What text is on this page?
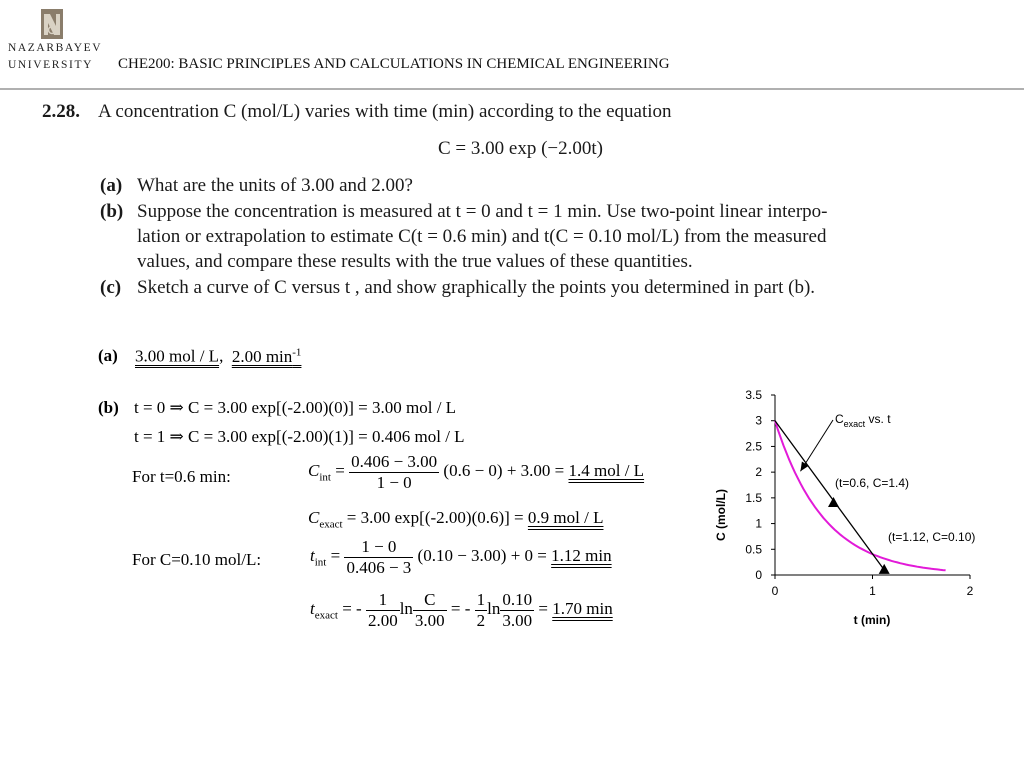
NAZARBAYEV
UNIVERSITY CHE200: BASIC PRINCIPLES AND CALCULATIONS IN CHEMICAL ENGINEERING
2.28. A concentration C (mol/L) varies with time (min) according to the equation
C = 3.00 exp (−2.00t)
(a) What are the units of 3.00 and 2.00?
(b) Suppose the concentration is measured at t = 0 and t = 1 min. Use two-point linear interpo-
lation or extrapolation to estimate C(t = 0.6 min) and t(C = 0.10 mol/L) from the measured
values, and compare these results with the true values of these quantities.
(c) Sketch a curve of C versus t , and show graphically the points you determined in part (b).
(a) 3.00 mol / L, 2.00 $\min^{-1}$
(b) t = 0 ⇒ C = 3.00 exp[(-2.00)(0)] = 3.00 mol / L
t = 1 ⇒ C = 3.00 exp[(-2.00)(1)] = 0.406 mol / L
For t=0.6 min:	$C_{int} = \frac{0.406 - 3.00}{1 - 0} (0.6 - 0) + 3.00 = 1.4$ mol / L
$C_{exact} = 3.00$ exp[(-2.00)(0.6)] = 0.9 mol / L
For C=0.10 mol/L:	$t_{int} = \frac{1 - 0}{0.406 - 3} (0.10 - 3.00) + 0 = 1.12$ min
$t_{exact}$ = - $\frac{1}{2.00}$ $\ln \frac{C}{3.00}$ = - $\frac{1}{2}$ $\ln \frac{0.10}{3.00} = 1.70$ min
0
0.5
1
1.5
2
2.5
3
3.5
0	1	2
C (mol/L)
t (min)
$C_{exact}$ vs. t
(t=0.6, C=1.4)
(t=1.12, C=0.10)
